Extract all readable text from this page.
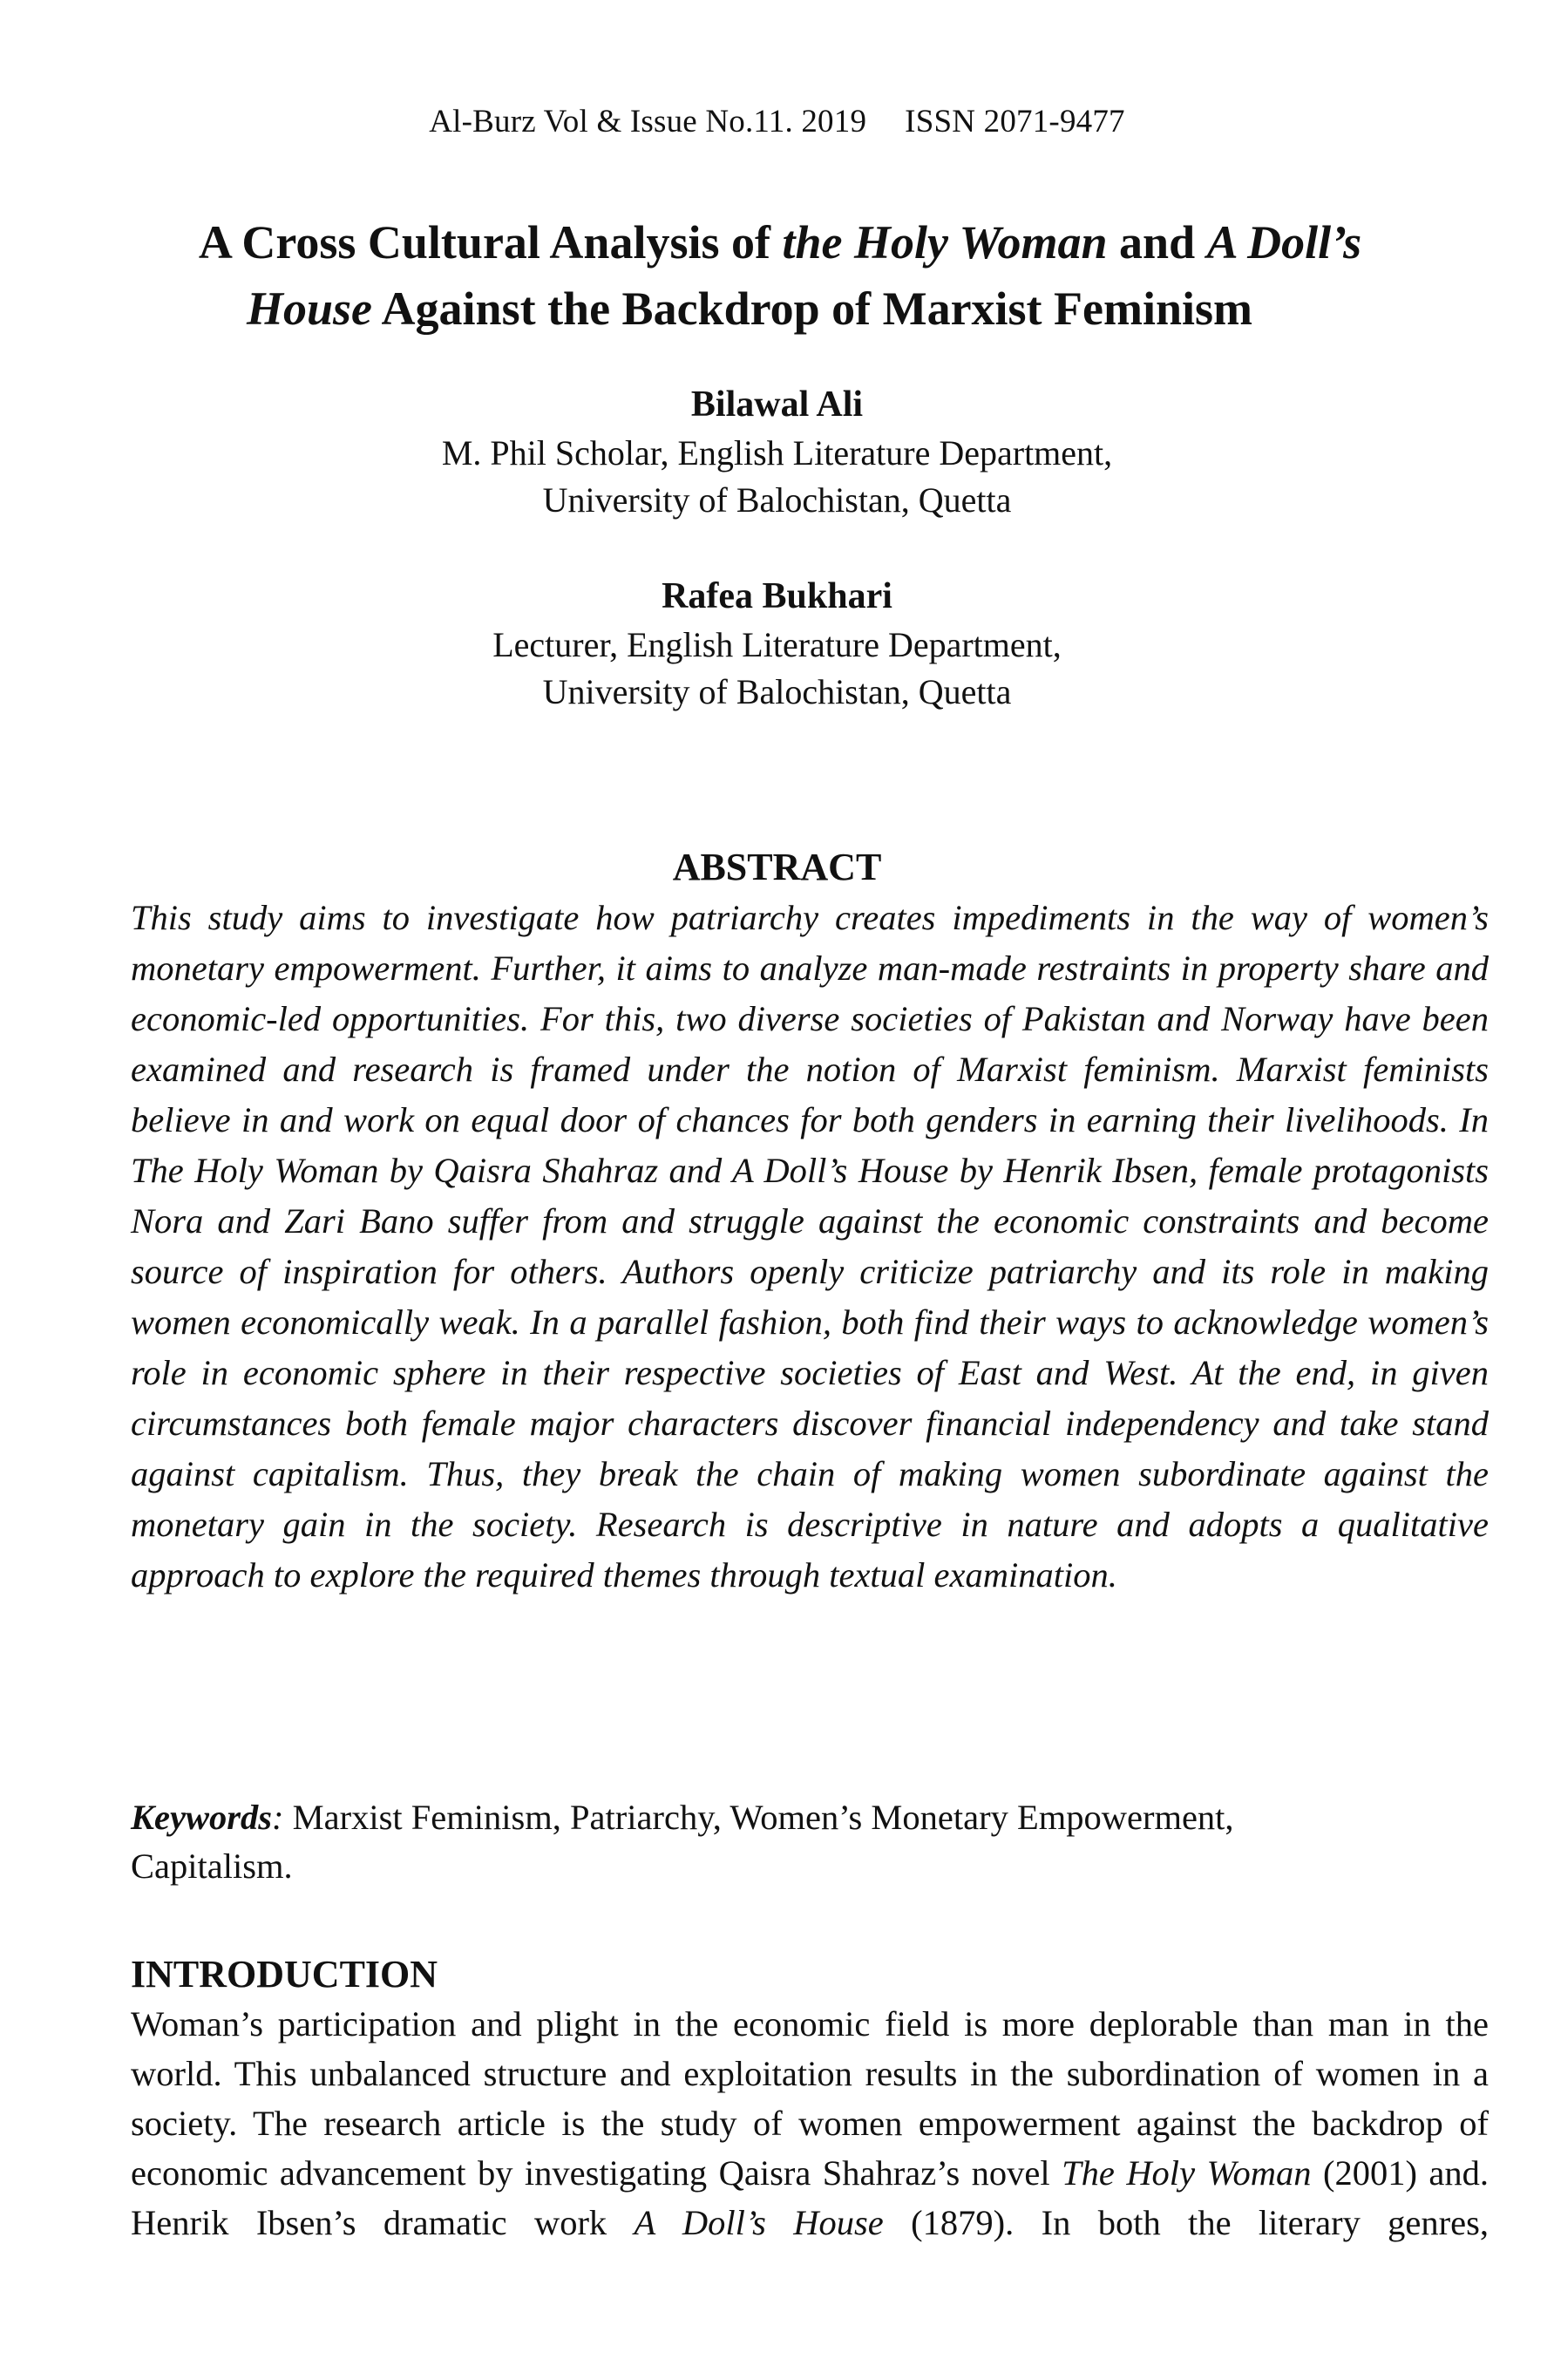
Al-Burz Vol & Issue No.11. 2019 ISSN 2071-9477
A Cross Cultural Analysis of the Holy Woman and A Doll’s
House Against the Backdrop of Marxist Feminism
Bilawal Ali
M. Phil Scholar, English Literature Department,
University of Balochistan, Quetta
Rafea Bukhari
Lecturer, English Literature Department,
University of Balochistan, Quetta
ABSTRACT

This study aims to investigate how patriarchy creates impediments in the way of women’s monetary empowerment. Further, it aims to analyze man-made restraints in property share and economic-led opportunities. For this, two diverse societies of Pakistan and Norway have been examined and research is framed under the notion of Marxist feminism. Marxist feminists believe in and work on equal door of chances for both genders in earning their livelihoods. In The Holy Woman by Qaisra Shahraz and A Doll’s House by Henrik Ibsen, female protagonists Nora and Zari Bano suffer from and struggle against the economic constraints and become source of inspiration for others. Authors openly criticize patriarchy and its role in making women economically weak. In a parallel fashion, both find their ways to acknowledge women’s role in economic sphere in their respective societies of East and West. At the end, in given circumstances both female major characters discover financial independency and take stand against capitalism. Thus, they break the chain of making women subordinate against the monetary gain in the society. Research is descriptive in nature and adopts a qualitative approach to explore the required themes through textual examination.

Keywords: Marxist Feminism, Patriarchy, Women’s Monetary Empowerment, Capitalism.

INTRODUCTION

Woman’s participation and plight in the economic field is more deplorable than man in the world. This unbalanced structure and exploitation results in the subordination of women in a society. The research article is the study of women empowerment against the backdrop of economic advancement by investigating Qaisra Shahraz’s novel The Holy Woman (2001) and. Henrik Ibsen’s dramatic work A Doll’s House (1879). In both the literary genres,
